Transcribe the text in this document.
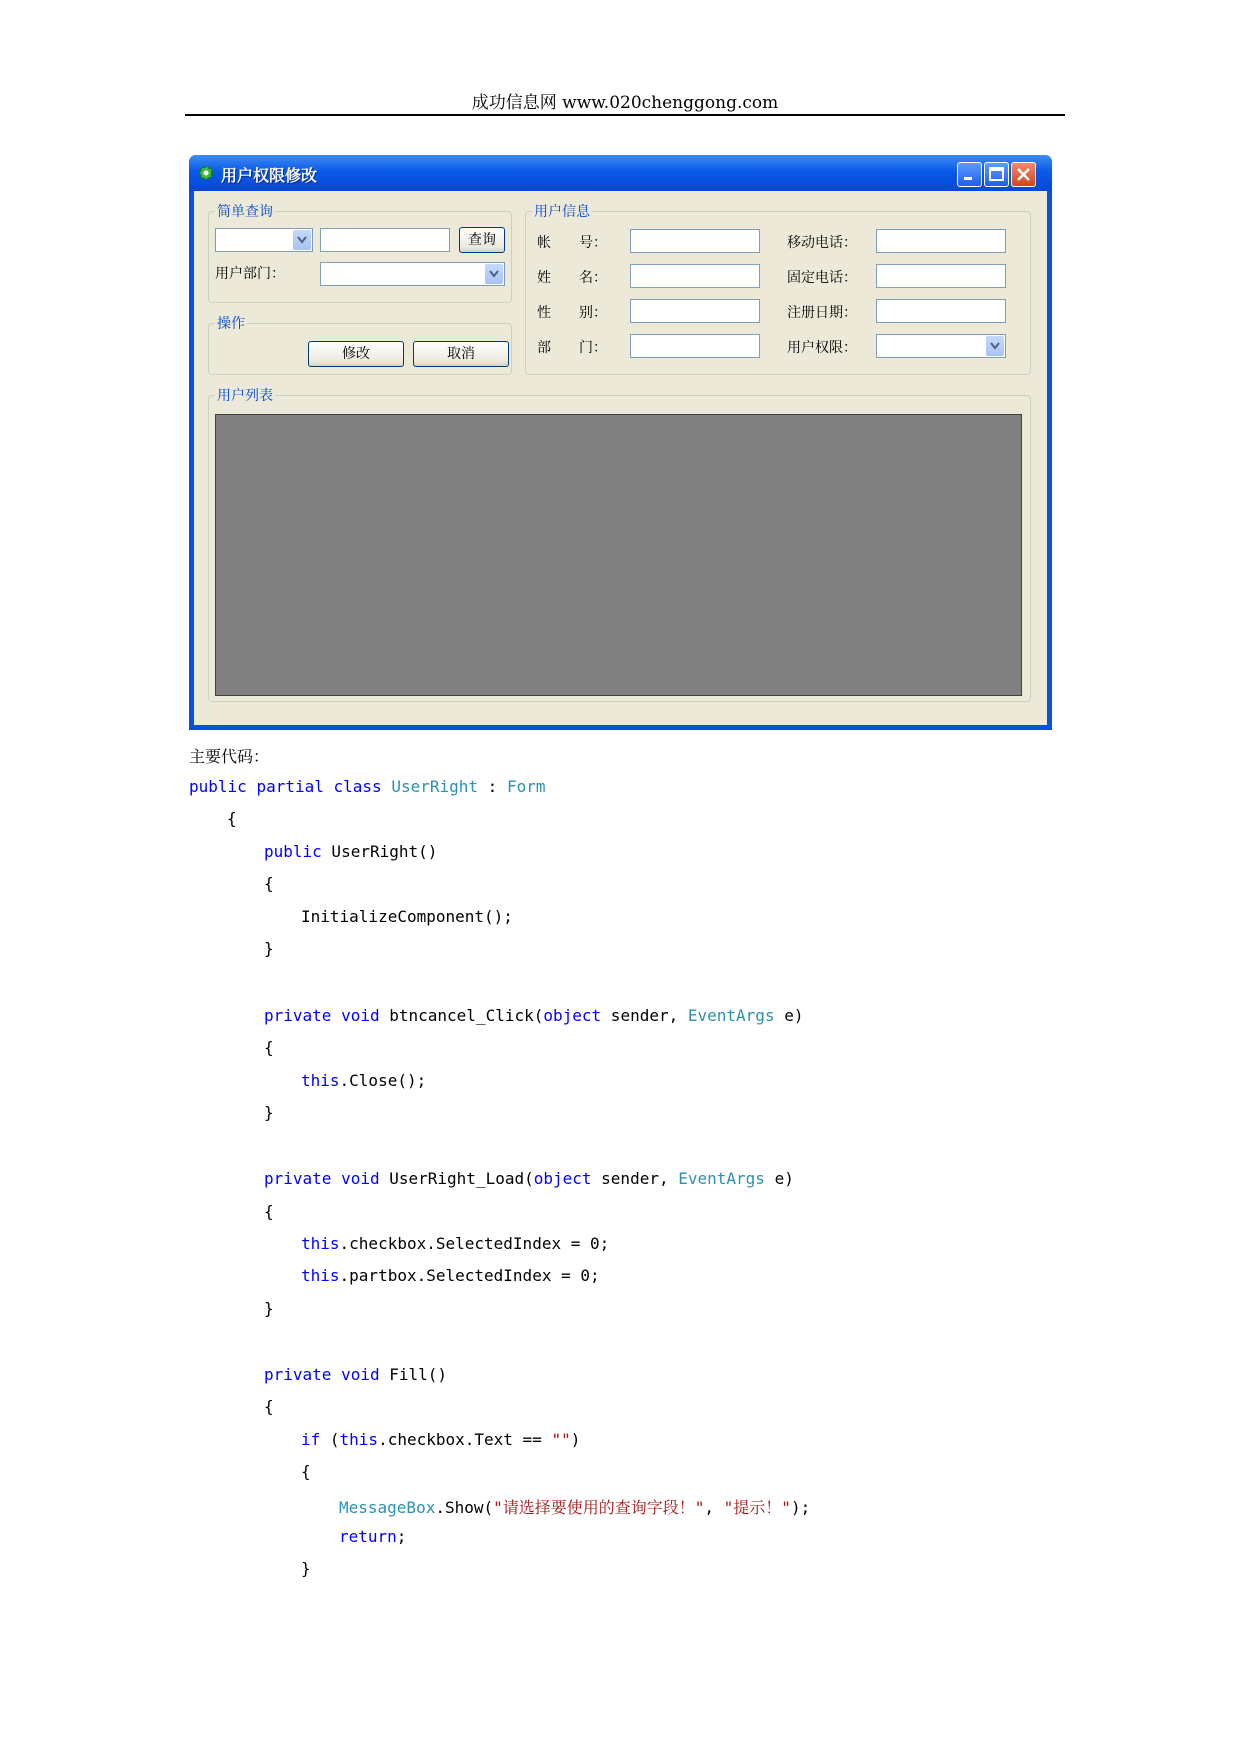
成功信息网 www.020chenggong.com
用户权限修改
简单查询
查询
用户部门：
操作
修改	取消
用户信息
帐　　号：
姓　　名：
性　　别：
部　　门：
移动电话：
固定电话：
注册日期：
用户权限：
用户列表
主要代码：
public partial class UserRight : Form
{
public UserRight()
{
InitializeComponent();
}
private void btncancel_Click(object sender, EventArgs e)
{
this.Close();
}
private void UserRight_Load(object sender, EventArgs e)
{
this.checkbox.SelectedIndex = 0;
this.partbox.SelectedIndex = 0;
}
private void Fill()
{
if (this.checkbox.Text == "")
{
MessageBox.Show("请选择要使用的查询字段！", "提示！");
return;
}
